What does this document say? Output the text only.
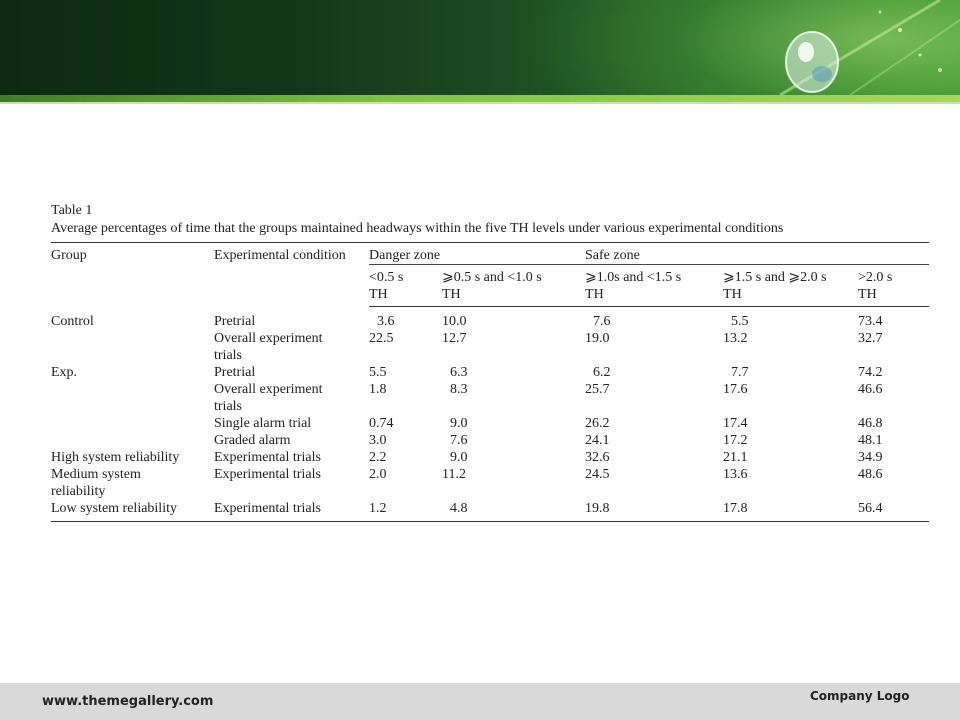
Table 1
Average percentages of time that the groups maintained headways within the five TH levels under various experimental conditions
Group	Experimental condition	Danger zone		Safe zone		
		<0.5 s	⩾0.5 s and <1.0 s	⩾1.0s and <1.5 s	⩾1.5 s and ⩾2.0 s	>2.0 s
		TH	TH	TH	TH	TH
Control	Pretrial	3.6	10.0	7.6	5.5	73.4
	Overall experiment trials	22.5	12.7	19.0	13.2	32.7
Exp.	Pretrial	5.5	6.3	6.2	7.7	74.2
	Overall experiment trials	1.8	8.3	25.7	17.6	46.6
	Single alarm trial	0.74	9.0	26.2	17.4	46.8
	Graded alarm	3.0	7.6	24.1	17.2	48.1
High system reliability	Experimental trials	2.2	9.0	32.6	21.1	34.9
Medium system reliability	Experimental trials	2.0	11.2	24.5	13.6	48.6
Low system reliability	Experimental trials	1.2	4.8	19.8	17.8	56.4
www.themegallery.com	Company Logo
